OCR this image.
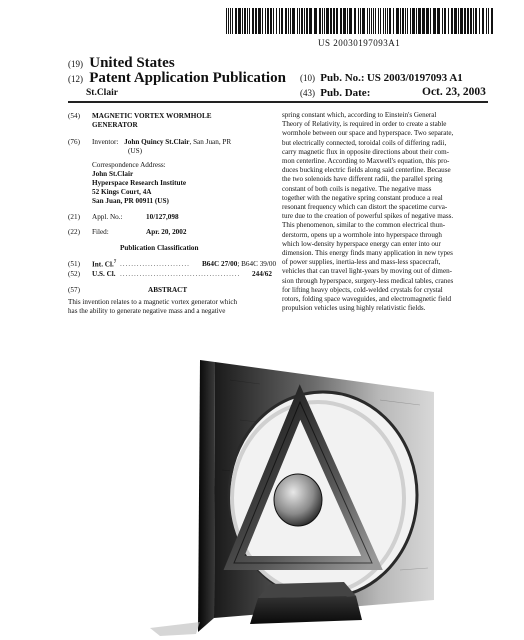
US 20030197093A1
(19) United States
(12) Patent Application Publication
St.Clair
(10) Pub. No.: US 2003/0197093 A1
(43) Pub. Date:	Oct. 23, 2003
(54) MAGNETIC VORTEX WORMHOLE
GENERATOR
(76) Inventor: John Quincy St.Clair, San Juan, PR
(US)
Correspondence Address:
John St.Clair
Hyperspace Research Institute
52 Kings Court, 4A
San Juan, PR 00911 (US)
(21) Appl. No.:	10/127,098
(22) Filed:	Apr. 20, 2002
Publication Classification
(51) Int. Cl.$^7$ ......................... B64C 27/00; B64C 39/00
(52) U.S. Cl. ........................................... 244/62
(57)	ABSTRACT
This invention relates to a magnetic vortex generator which
has the ability to generate negative mass and a negative
spring constant which, according to Einstein's General
Theory of Relativity, is required in order to create a stable
wormhole between our space and hyperspace. Two separate,
but electrically connected, toroidal coils of differing radii,
carry magnetic flux in opposite directions about their com-
mon centerline. According to Maxwell's equation, this pro-
duces bucking electric fields along said centerline. Because
the two solenoids have different radii, the parallel spring
constant of both coils is negative. The negative mass
together with the negative spring constant produce a real
resonant frequency which can distort the spacetime curva-
ture due to the creation of powerful spikes of negative mass.
This phenomenon, similar to the common electrical thun-
derstorm, opens up a wormhole into hyperspace through
which low-density hyperspace energy can enter into our
dimension. This energy finds many application in new types
of power supplies, inertia-less and mass-less spacecraft,
vehicles that can travel light-years by moving out of dimen-
sion through hyperspace, surgery-less medical tables, cranes
for lifting heavy objects, cold-welded crystals for crystal
rotors, folding space waveguides, and electromagnetic field
propulsion vehicles using highly relativistic fields.
